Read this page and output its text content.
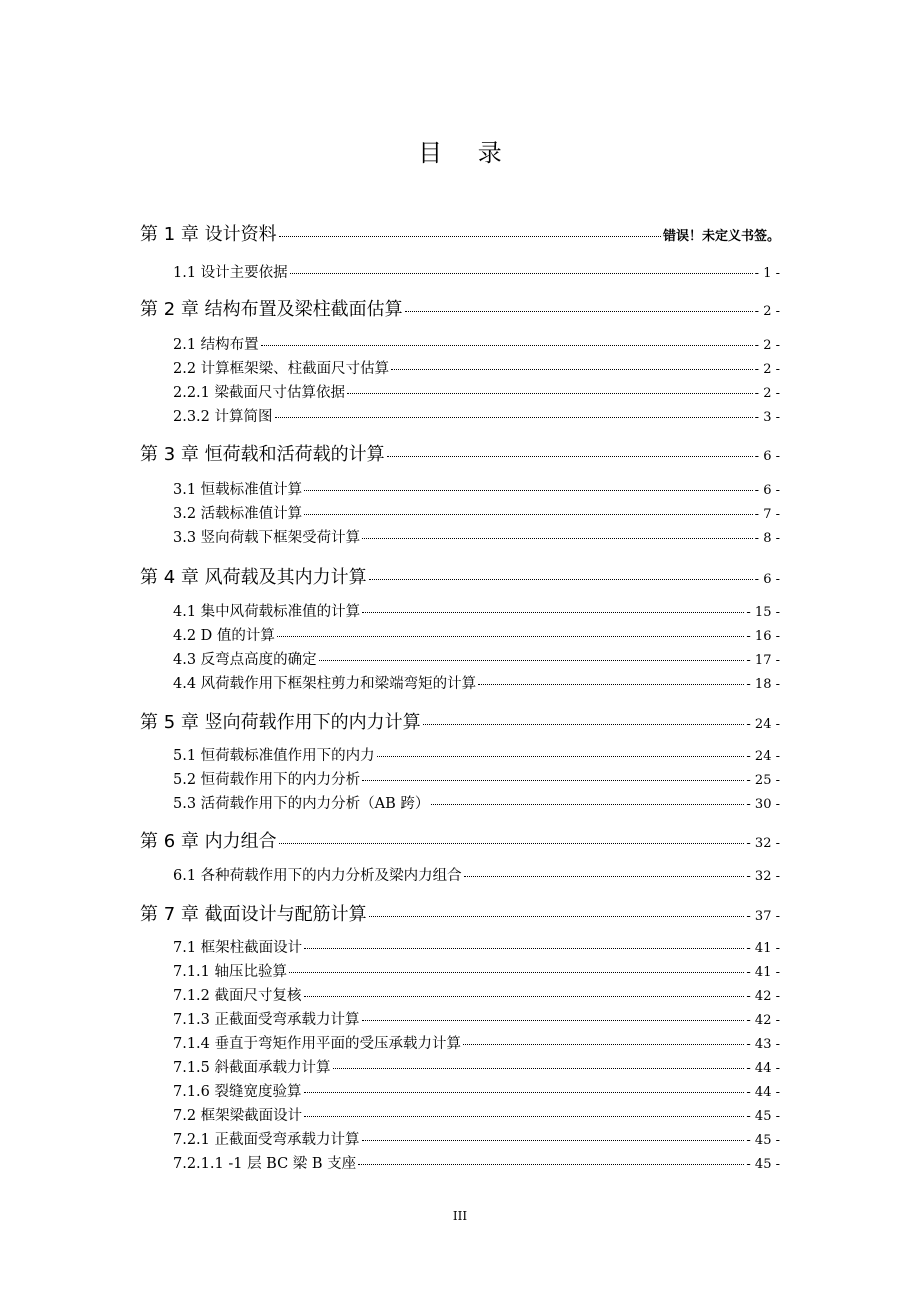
目 录
第 1 章 设计资料	错误！未定义书签。
1.1 设计主要依据	- 1 -
第 2 章 结构布置及梁柱截面估算	- 2 -
2.1 结构布置	- 2 -
2.2 计算框架梁、柱截面尺寸估算	- 2 -
2.2.1 梁截面尺寸估算依据	- 2 -
2.3.2 计算简图	- 3 -
第 3 章 恒荷载和活荷载的计算	- 6 -
3.1 恒载标准值计算	- 6 -
3.2 活载标准值计算	- 7 -
3.3 竖向荷载下框架受荷计算	- 8 -
第 4 章 风荷载及其内力计算	- 6 -
4.1 集中风荷载标准值的计算	- 15 -
4.2 D 值的计算	- 16 -
4.3 反弯点高度的确定	- 17 -
4.4 风荷载作用下框架柱剪力和梁端弯矩的计算	- 18 -
第 5 章 竖向荷载作用下的内力计算	- 24 -
5.1 恒荷载标准值作用下的内力	- 24 -
5.2 恒荷载作用下的内力分析	- 25 -
5.3 活荷载作用下的内力分析（AB 跨）	- 30 -
第 6 章 内力组合	- 32 -
6.1 各种荷载作用下的内力分析及梁内力组合	- 32 -
第 7 章 截面设计与配筋计算	- 37 -
7.1 框架柱截面设计	- 41 -
7.1.1 轴压比验算	- 41 -
7.1.2 截面尺寸复核	- 42 -
7.1.3 正截面受弯承载力计算	- 42 -
7.1.4 垂直于弯矩作用平面的受压承载力计算	- 43 -
7.1.5 斜截面承载力计算	- 44 -
7.1.6 裂缝宽度验算	- 44 -
7.2 框架梁截面设计	- 45 -
7.2.1 正截面受弯承载力计算	- 45 -
7.2.1.1 -1 层 BC 梁 B 支座	- 45 -
III
